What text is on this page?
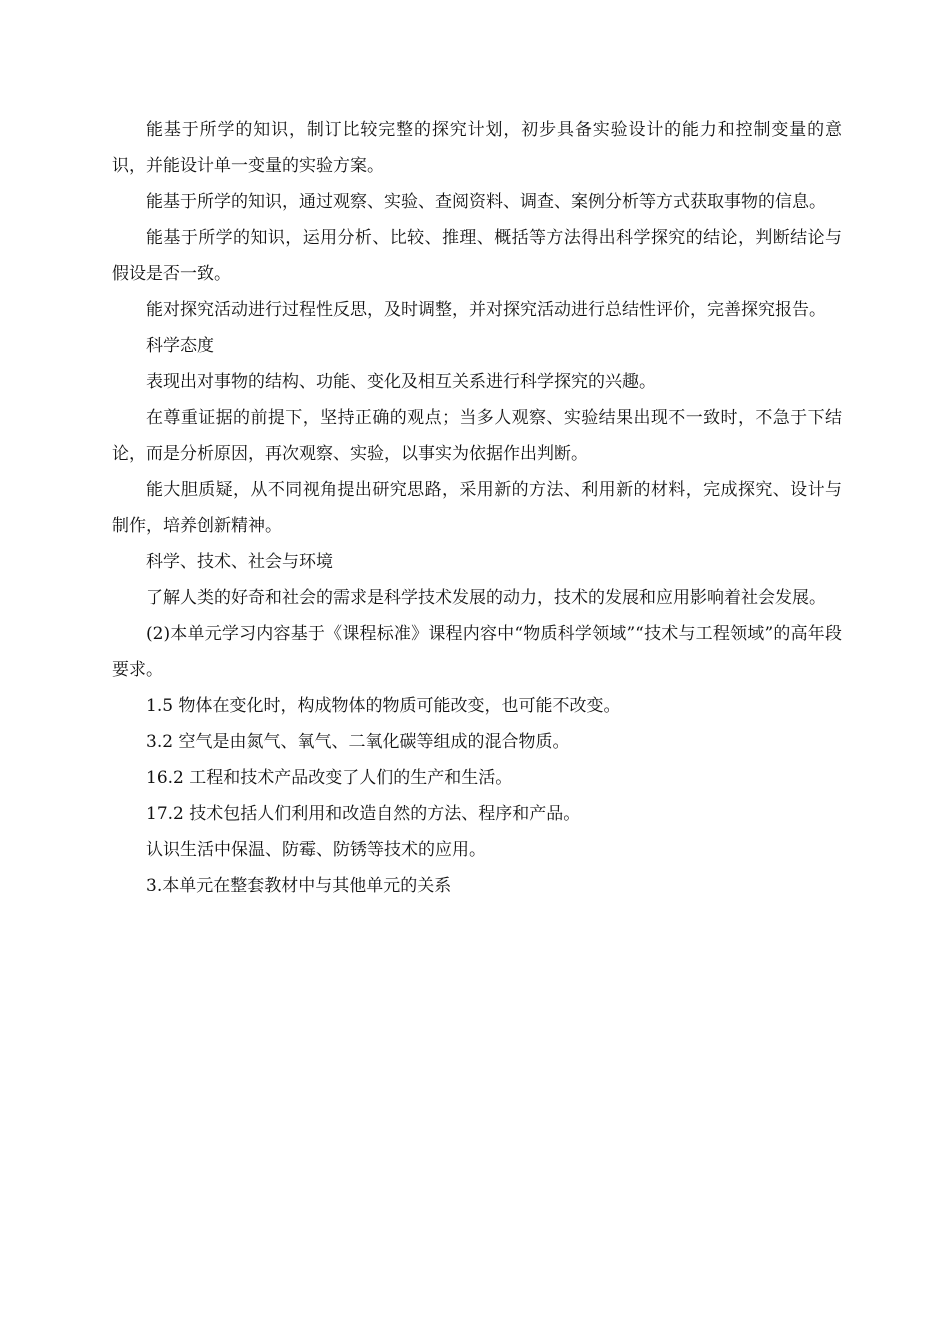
能基于所学的知识，制订比较完整的探究计划，初步具备实验设计的能力和控制变量的意识，并能设计单一变量的实验方案。

能基于所学的知识，通过观察、实验、查阅资料、调查、案例分析等方式获取事物的信息。

能基于所学的知识，运用分析、比较、推理、概括等方法得出科学探究的结论，判断结论与假设是否一致。

能对探究活动进行过程性反思，及时调整，并对探究活动进行总结性评价，完善探究报告。

科学态度

表现出对事物的结构、功能、变化及相互关系进行科学探究的兴趣。

在尊重证据的前提下，坚持正确的观点；当多人观察、实验结果出现不一致时，不急于下结论，而是分析原因，再次观察、实验，以事实为依据作出判断。

能大胆质疑，从不同视角提出研究思路，采用新的方法、利用新的材料，完成探究、设计与制作，培养创新精神。

科学、技术、社会与环境

了解人类的好奇和社会的需求是科学技术发展的动力，技术的发展和应用影响着社会发展。

(2)本单元学习内容基于《课程标准》课程内容中“物质科学领域”“技术与工程领域”的高年段要求。

1.5 物体在变化时，构成物体的物质可能改变，也可能不改变。

3.2 空气是由氮气、氧气、二氧化碳等组成的混合物质。

16.2 工程和技术产品改变了人们的生产和生活。

17.2 技术包括人们利用和改造自然的方法、程序和产品。

认识生活中保温、防霉、防锈等技术的应用。

3.本单元在整套教材中与其他单元的关系
